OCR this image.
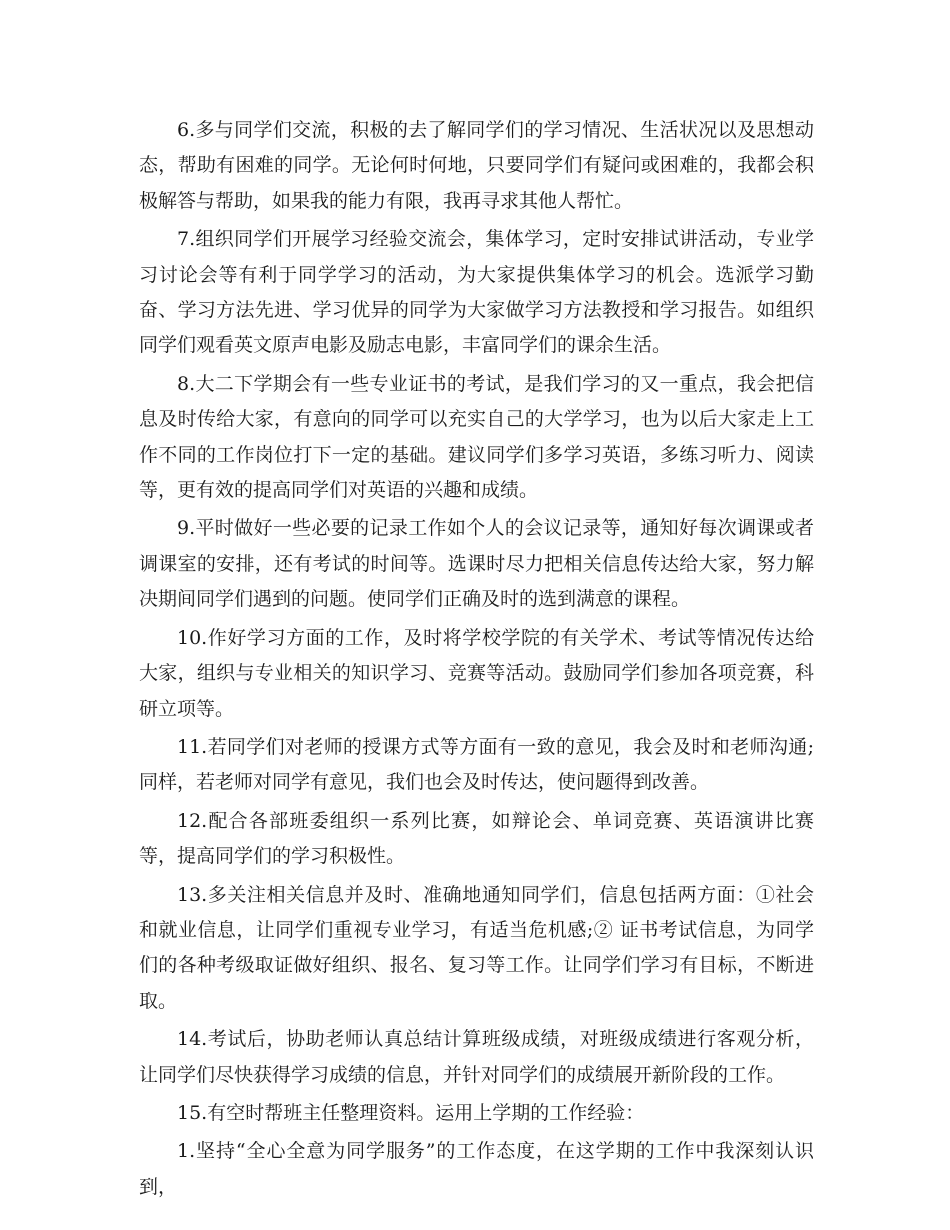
6.多与同学们交流，积极的去了解同学们的学习情况、生活状况以及思想动态，帮助有困难的同学。无论何时何地，只要同学们有疑问或困难的，我都会积极解答与帮助，如果我的能力有限，我再寻求其他人帮忙。

7.组织同学们开展学习经验交流会，集体学习，定时安排试讲活动，专业学习讨论会等有利于同学学习的活动，为大家提供集体学习的机会。选派学习勤奋、学习方法先进、学习优异的同学为大家做学习方法教授和学习报告。如组织同学们观看英文原声电影及励志电影，丰富同学们的课余生活。

8.大二下学期会有一些专业证书的考试，是我们学习的又一重点，我会把信息及时传给大家，有意向的同学可以充实自己的大学学习，也为以后大家走上工作不同的工作岗位打下一定的基础。建议同学们多学习英语，多练习听力、阅读等，更有效的提高同学们对英语的兴趣和成绩。

9.平时做好一些必要的记录工作如个人的会议记录等，通知好每次调课或者调课室的安排，还有考试的时间等。选课时尽力把相关信息传达给大家，努力解决期间同学们遇到的问题。使同学们正确及时的选到满意的课程。

10.作好学习方面的工作，及时将学校学院的有关学术、考试等情况传达给大家，组织与专业相关的知识学习、竞赛等活动。鼓励同学们参加各项竞赛，科研立项等。

11.若同学们对老师的授课方式等方面有一致的意见，我会及时和老师沟通;同样，若老师对同学有意见，我们也会及时传达，使问题得到改善。

12.配合各部班委组织一系列比赛，如辩论会、单词竞赛、英语演讲比赛等，提高同学们的学习积极性。

13.多关注相关信息并及时、准确地通知同学们，信息包括两方面：①社会和就业信息，让同学们重视专业学习，有适当危机感;② 证书考试信息，为同学们的各种考级取证做好组织、报名、复习等工作。让同学们学习有目标，不断进取。

14.考试后，协助老师认真总结计算班级成绩，对班级成绩进行客观分析，让同学们尽快获得学习成绩的信息，并针对同学们的成绩展开新阶段的工作。

15.有空时帮班主任整理资料。运用上学期的工作经验：

1.坚持“全心全意为同学服务”的工作态度，在这学期的工作中我深刻认识到，
